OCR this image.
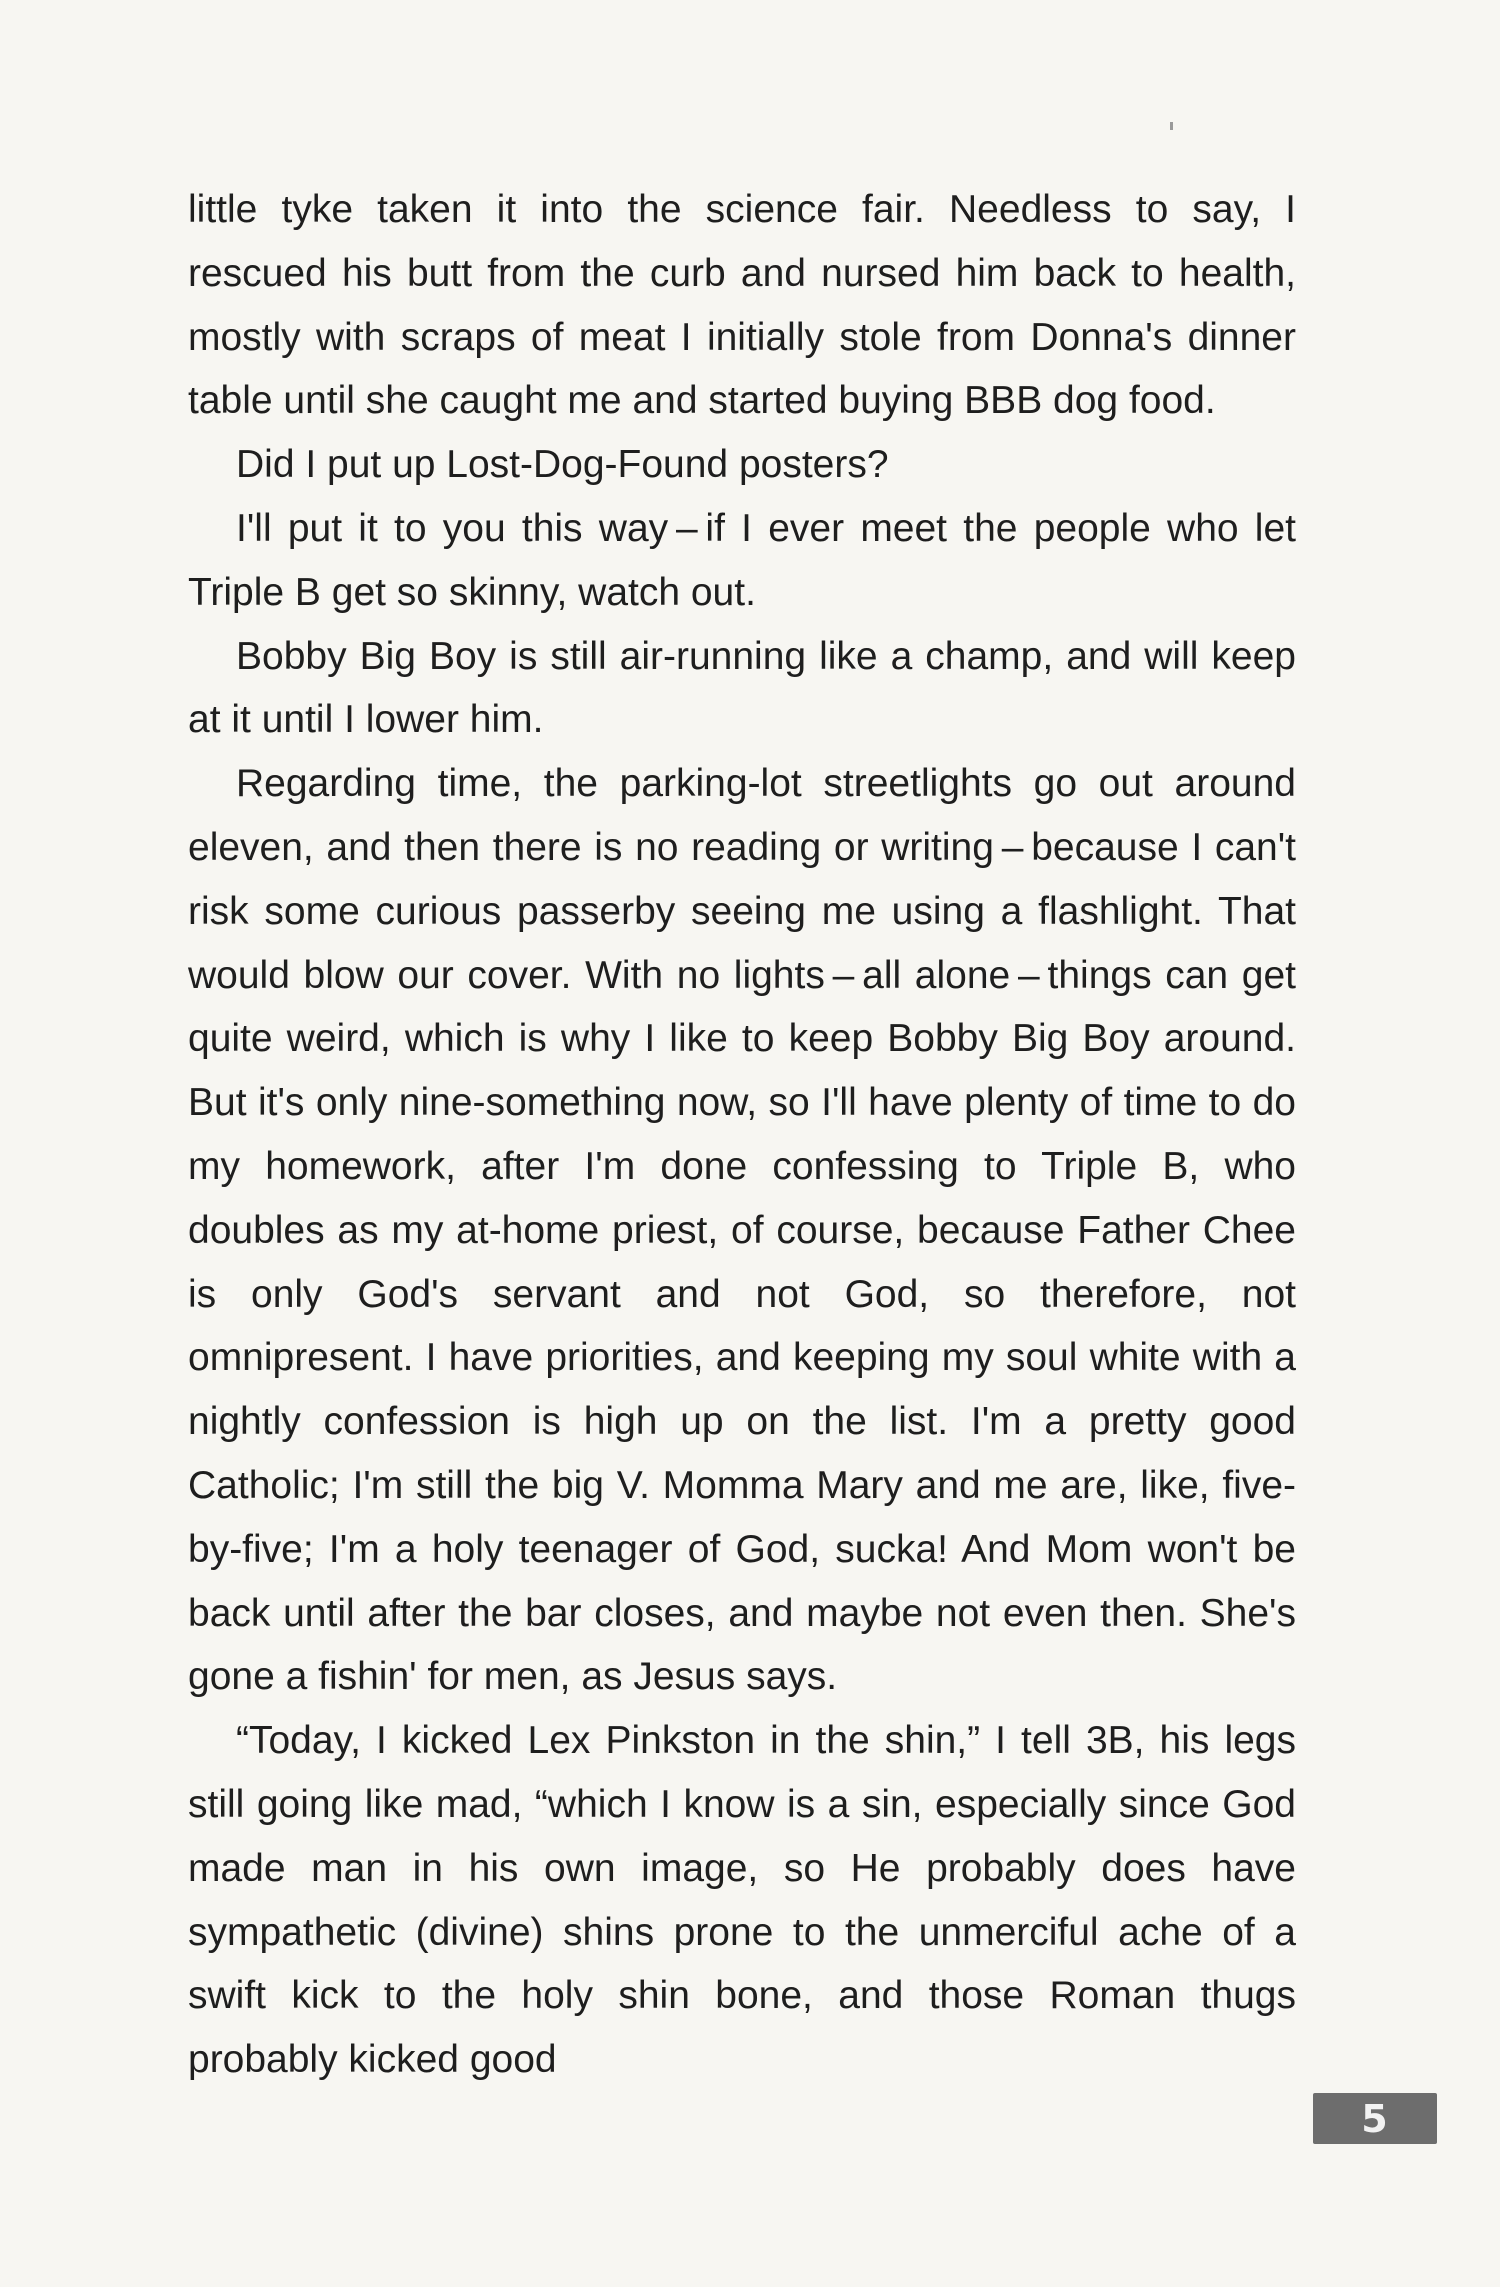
little tyke taken it into the science fair. Needless to say, I rescued his butt from the curb and nursed him back to health, mostly with scraps of meat I initially stole from Donna's dinner table until she caught me and started buying BBB dog food.

Did I put up Lost-Dog-Found posters?

I'll put it to you this way – if I ever meet the people who let Triple B get so skinny, watch out.

Bobby Big Boy is still air-running like a champ, and will keep at it until I lower him.

Regarding time, the parking-lot streetlights go out around eleven, and then there is no reading or writing – because I can't risk some curious passerby seeing me using a flashlight. That would blow our cover. With no lights – all alone – things can get quite weird, which is why I like to keep Bobby Big Boy around. But it's only nine-something now, so I'll have plenty of time to do my homework, after I'm done confessing to Triple B, who doubles as my at-home priest, of course, because Father Chee is only God's servant and not God, so therefore, not omnipresent. I have priorities, and keeping my soul white with a nightly confession is high up on the list. I'm a pretty good Catholic; I'm still the big V. Momma Mary and me are, like, five-by-five; I'm a holy teenager of God, sucka! And Mom won't be back until after the bar closes, and maybe not even then. She's gone a fishin' for men, as Jesus says.

“Today, I kicked Lex Pinkston in the shin,” I tell 3B, his legs still going like mad, “which I know is a sin, especially since God made man in his own image, so He probably does have sympathetic (divine) shins prone to the unmerciful ache of a swift kick to the holy shin bone, and those Roman thugs probably kicked good

5
